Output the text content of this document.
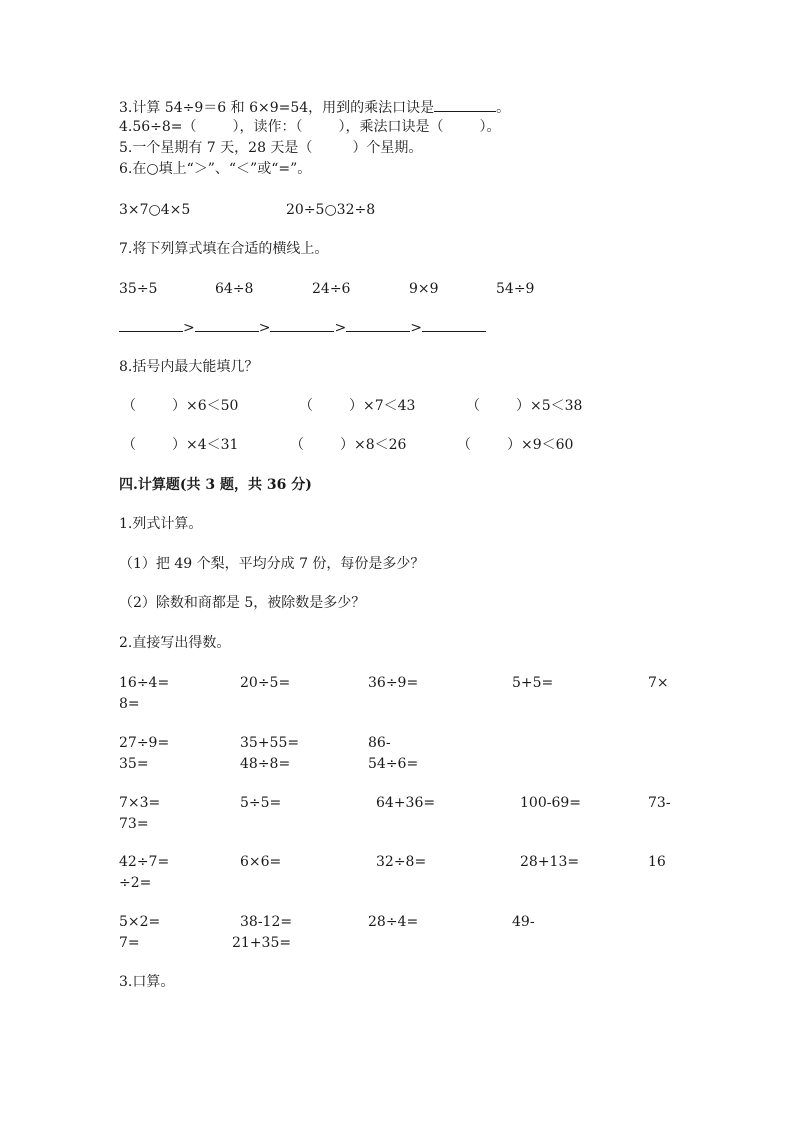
3.计算 54÷9＝6 和 6×9=54，用到的乘法口诀是	。

4.56÷8=（	），读作：（	），乘法口诀是（	）。

5.一个星期有 7 天，28 天是（	）个星期。

6.在○填上“＞”、“＜”或“=”。

3×7○4×5	20÷5○32÷8

7.将下列算式填在合适的横线上。

35÷5	64÷8	24÷6	9×9	54÷9
>	>	>	>

8.括号内最大能填几？

（	）×6＜50	（	）×7＜43	（	）×5＜38
（	）×4＜31	（	）×8＜26	（	）×9＜60

四.计算题(共 3 题，共 36 分)

1.列式计算。

（1）把 49 个梨，平均分成 7 份，每份是多少？

（2）除数和商都是 5，被除数是多少？

2.直接写出得数。

16÷4=	20÷5=	36÷9=	5+5=	7×
8=
27÷9=	35+55=	86-
35=	48÷8=	54÷6=
7×3=	5÷5=	64+36=	100-69=	73-
73=
42÷7=	6×6=	32÷8=	28+13=	16
÷2=
5×2=	38-12=	28÷4=	49-
7=	21+35=

3.口算。
